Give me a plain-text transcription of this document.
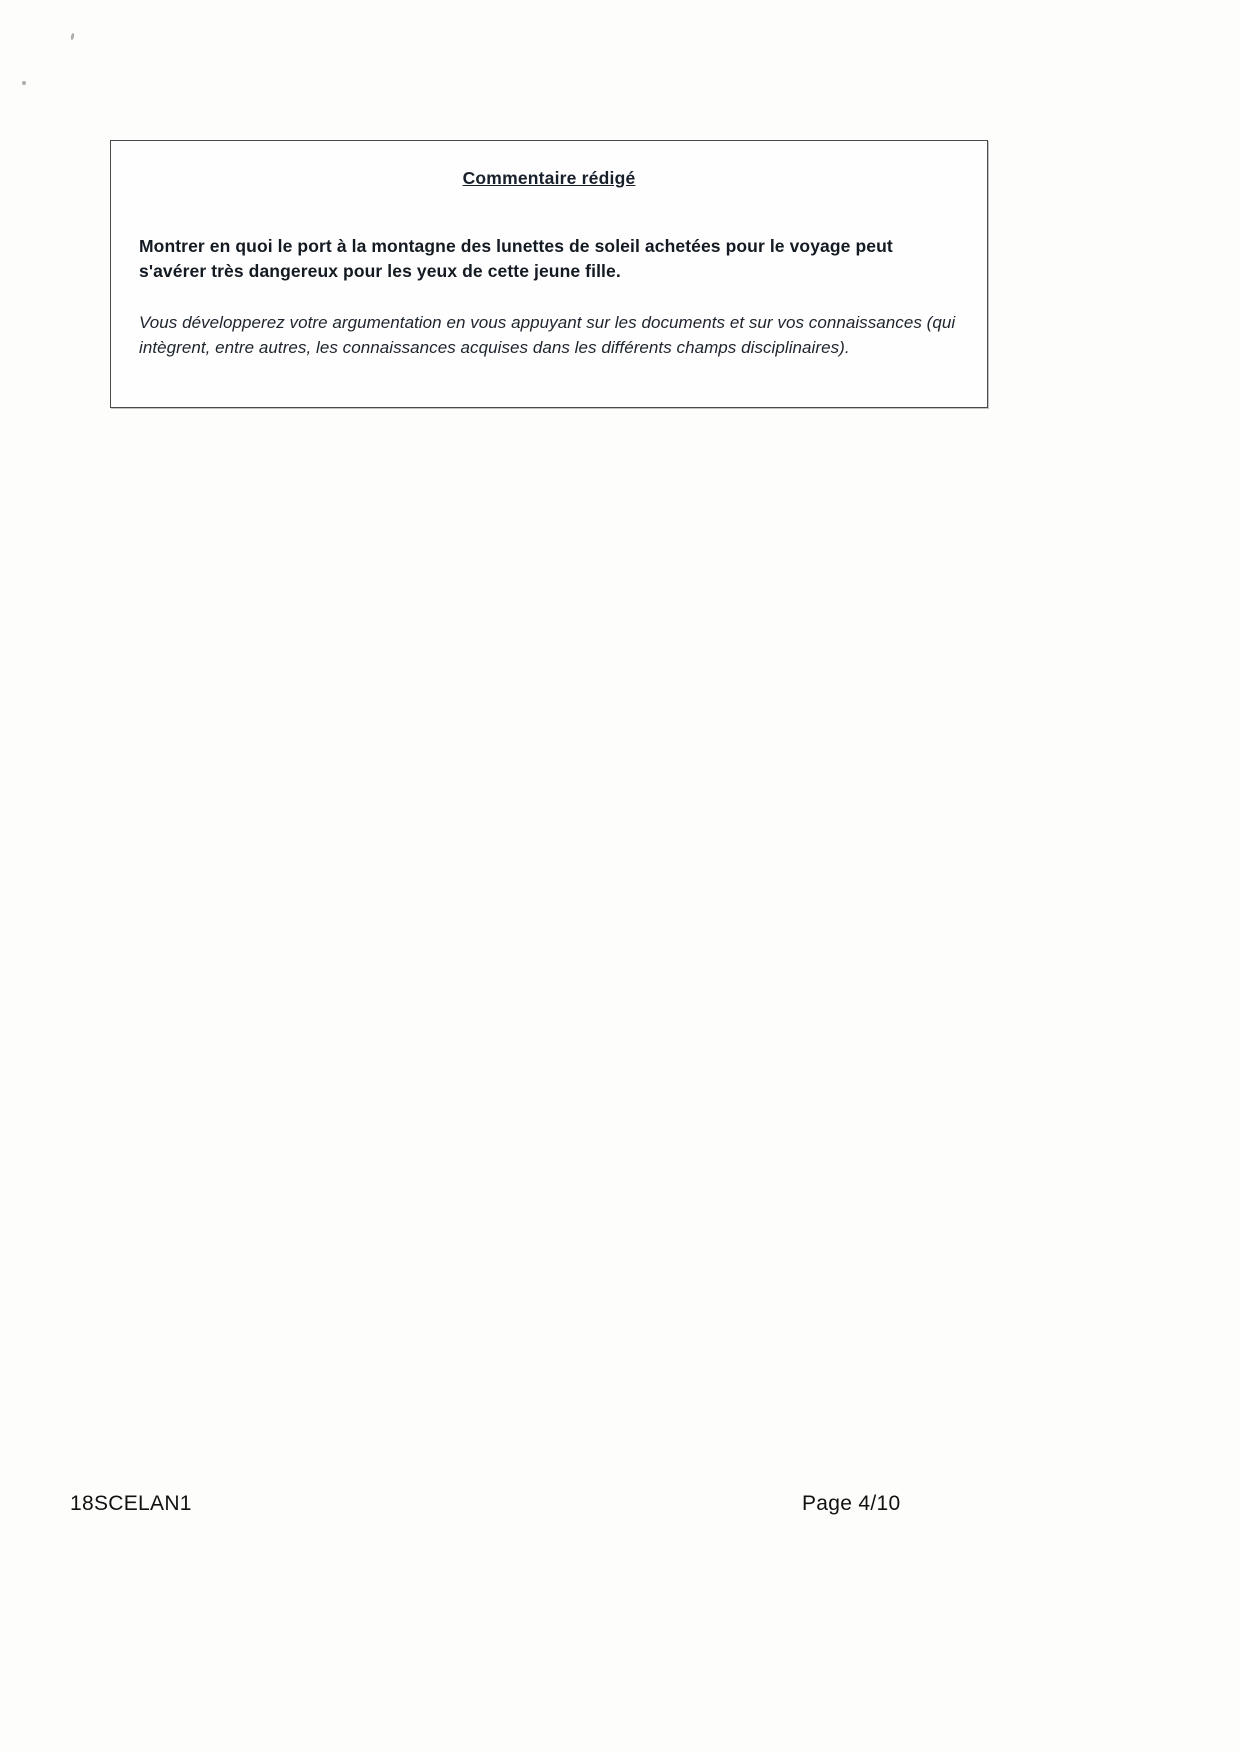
Commentaire rédigé

Montrer en quoi le port à la montagne des lunettes de soleil achetées pour le voyage peut s'avérer très dangereux pour les yeux de cette jeune fille.

Vous développerez votre argumentation en vous appuyant sur les documents et sur vos connaissances (qui intègrent, entre autres, les connaissances acquises dans les différents champs disciplinaires).

18SCELAN1	Page 4/10
